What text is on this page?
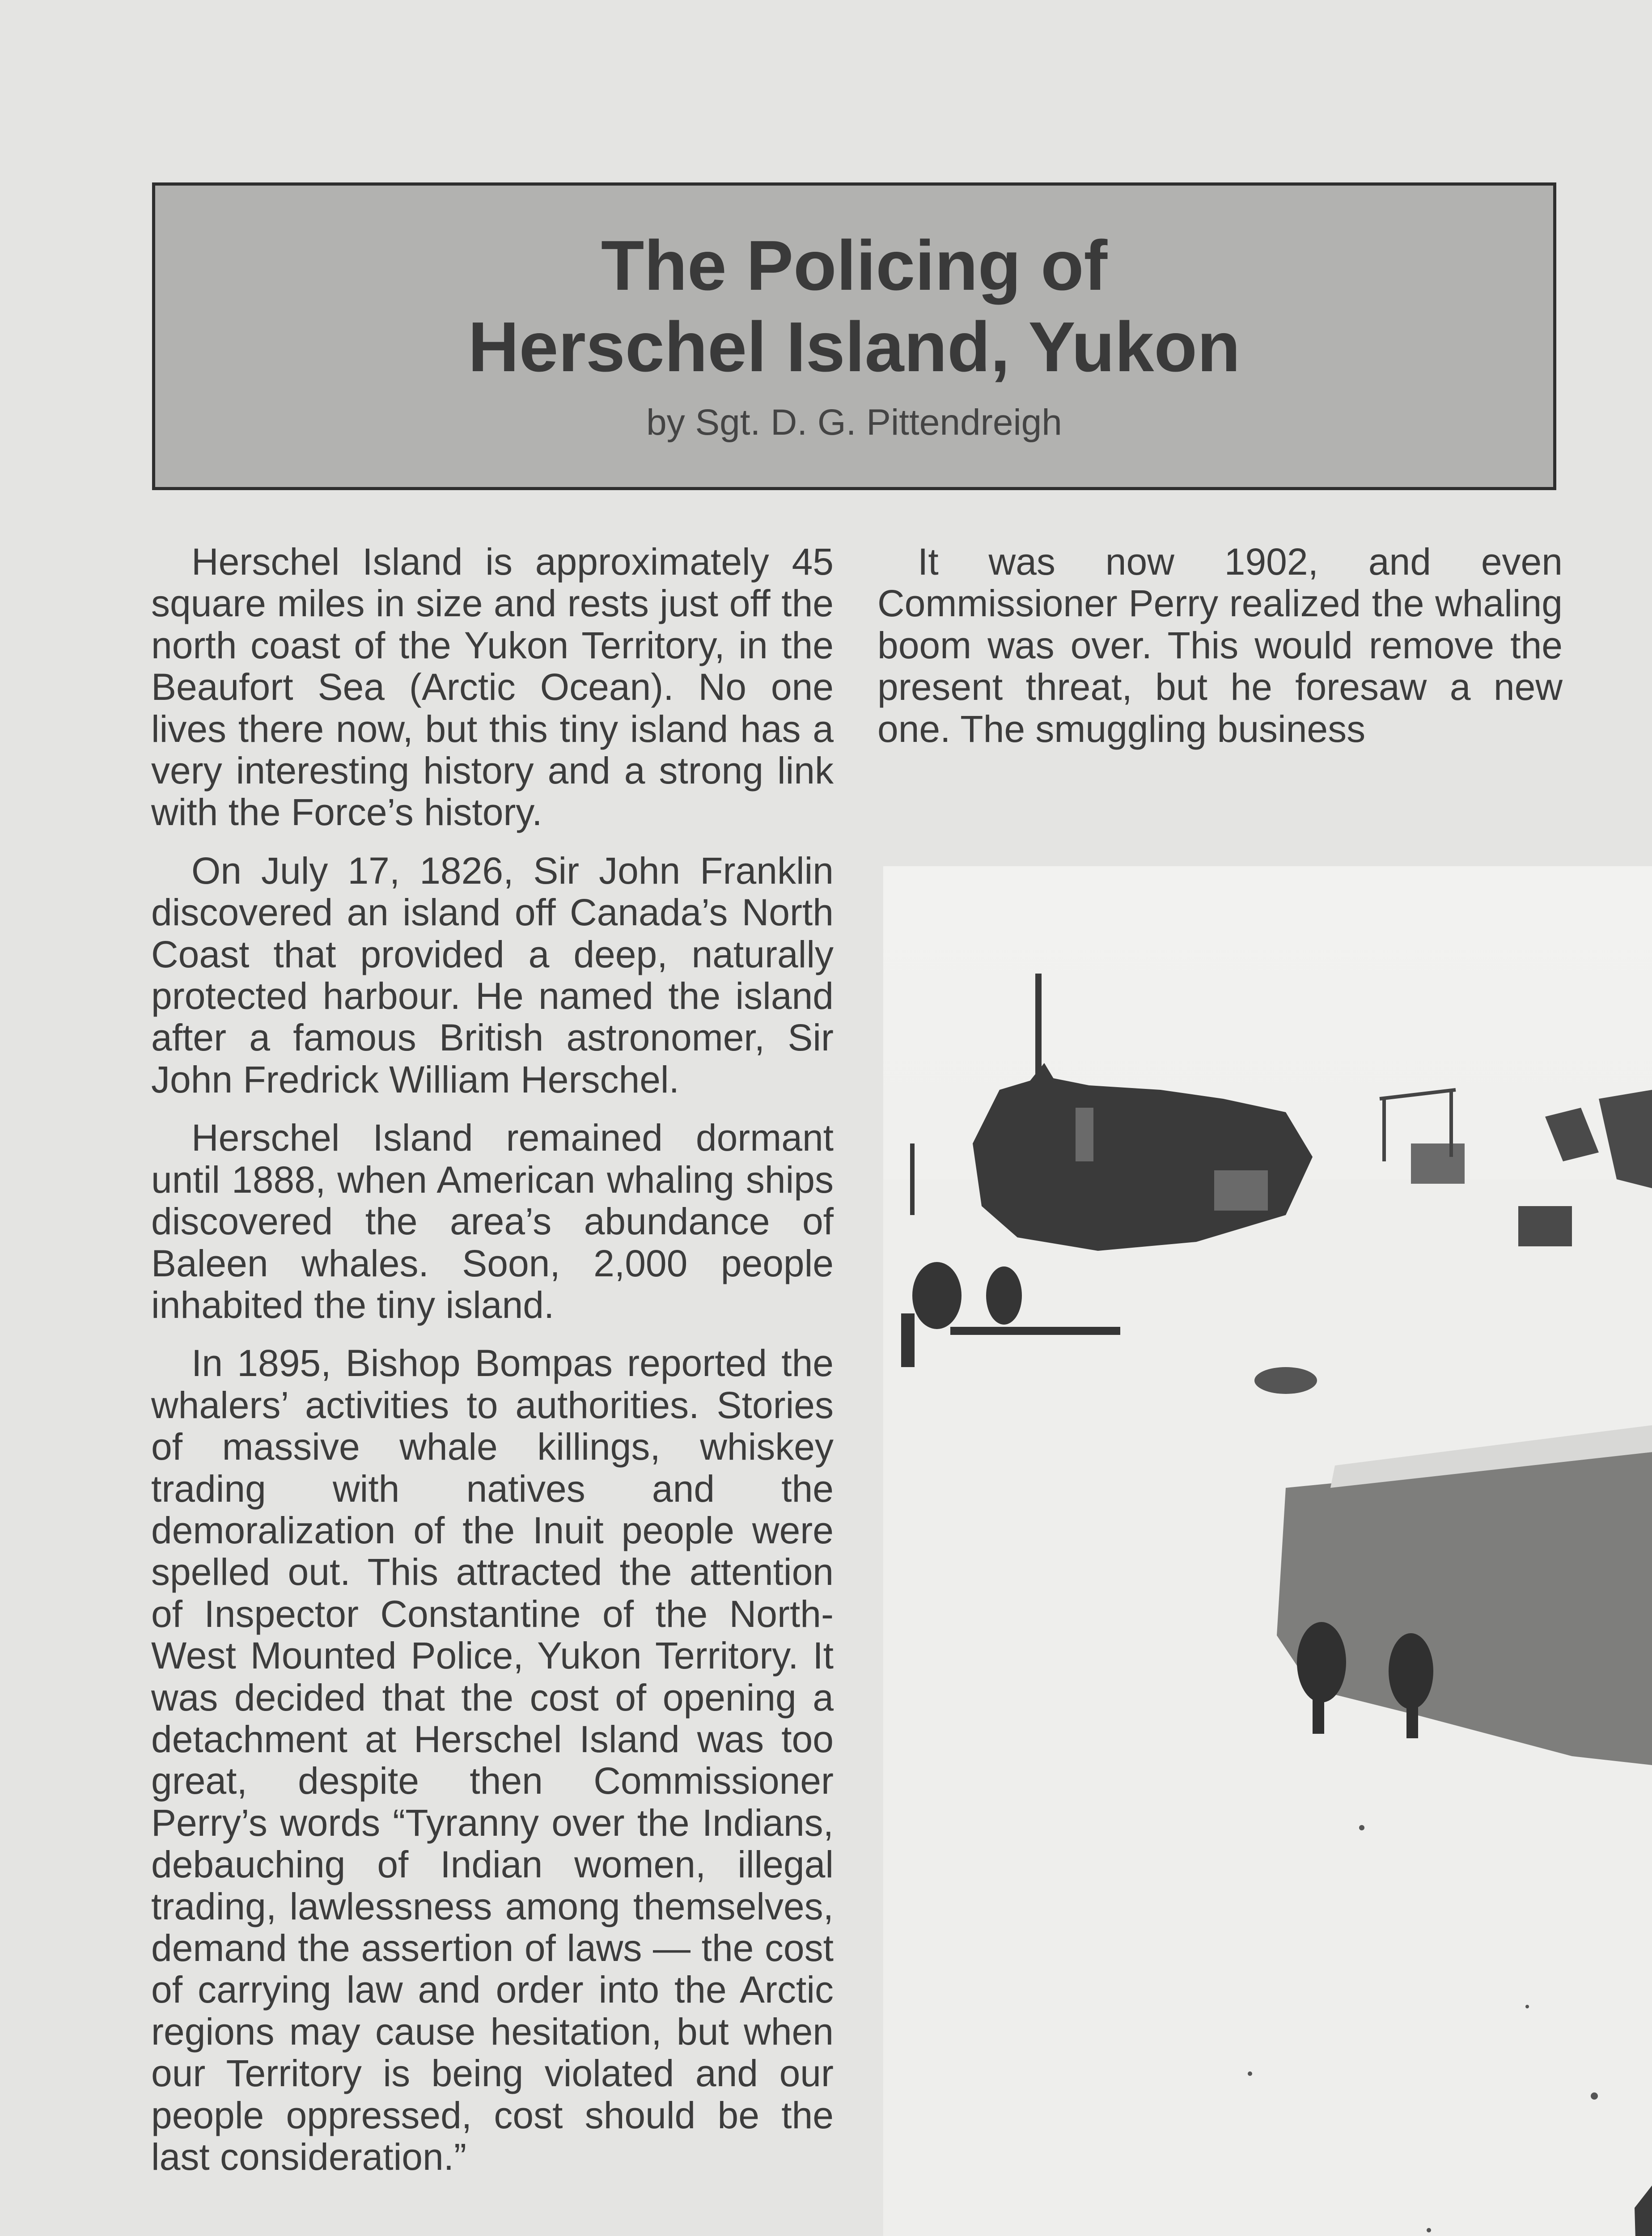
The Policing of
Herschel Island, Yukon
by Sgt. D. G. Pittendreigh

Herschel Island is approximately 45 square miles in size and rests just off the north coast of the Yukon Territory, in the Beaufort Sea (Arctic Ocean). No one lives there now, but this tiny island has a very interesting history and a strong link with the Force’s history.

On July 17, 1826, Sir John Franklin discovered an island off Canada’s North Coast that provided a deep, naturally protected harbour. He named the island after a famous British astronomer, Sir John Fredrick William Herschel.

Herschel Island remained dormant until 1888, when American whaling ships discovered the area’s abundance of Baleen whales. Soon, 2,000 people inhabited the tiny island.

In 1895, Bishop Bompas reported the whalers’ activities to authorities. Stories of massive whale killings, whiskey trading with natives and the demoralization of the Inuit people were spelled out. This attracted the attention of Inspector Constantine of the North-West Mounted Police, Yukon Territory. It was decided that the cost of opening a detachment at Herschel Island was too great, despite then Commissioner Perry’s words “Tyranny over the Indians, debauching of Indian women, illegal trading, lawlessness among themselves, demand the assertion of laws — the cost of carrying law and order into the Arctic regions may cause hesitation, but when our Territory is being violated and our people oppressed, cost should be the last consideration.”

It was now 1902, and even Commissioner Perry realized the whaling boom was over. This would remove the present threat, but he foresaw a new one. The smuggling business
